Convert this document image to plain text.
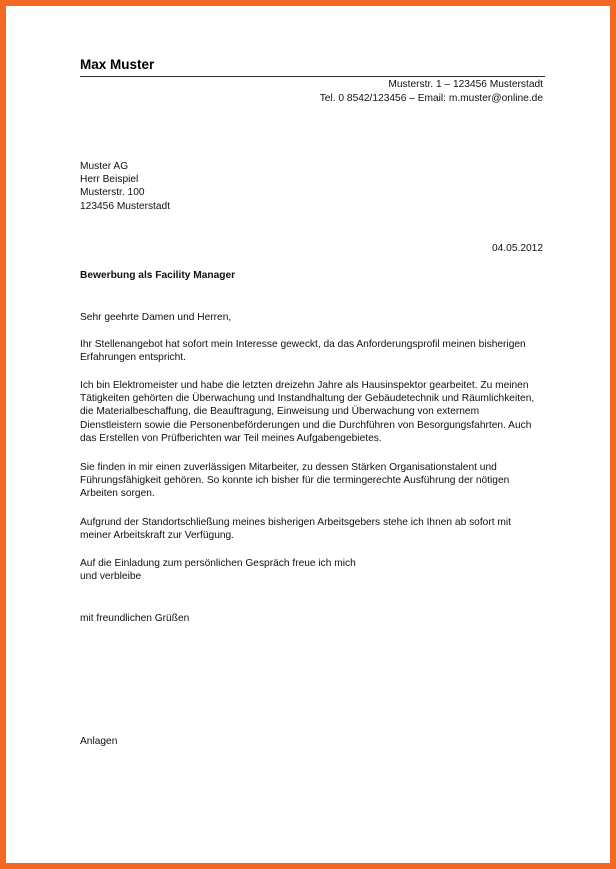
Max Muster
Musterstr. 1 – 123456 Musterstadt
Tel. 0 8542/123456 – Email: m.muster@online.de
Muster AG
Herr Beispiel
Musterstr. 100
123456 Musterstadt
04.05.2012
Bewerbung als Facility Manager
Sehr geehrte Damen und Herren,
Ihr Stellenangebot hat sofort mein Interesse geweckt, da das Anforderungsprofil meinen bisherigen
Erfahrungen entspricht.
Ich bin Elektromeister und habe die letzten dreizehn Jahre als Hausinspektor gearbeitet. Zu meinen
Tätigkeiten gehörten die Überwachung und Instandhaltung der Gebäudetechnik und Räumlichkeiten,
die Materialbeschaffung, die Beauftragung, Einweisung und Überwachung von externem
Dienstleistern sowie die Personenbeförderungen und die Durchführen von Besorgungsfahrten. Auch
das Erstellen von Prüfberichten war Teil meines Aufgabengebietes.
Sie finden in mir einen zuverlässigen Mitarbeiter, zu dessen Stärken Organisationstalent und
Führungsfähigkeit gehören. So konnte ich bisher für die termingerechte Ausführung der nötigen
Arbeiten sorgen.
Aufgrund der Standortschließung meines bisherigen Arbeitsgebers stehe ich Ihnen ab sofort mit
meiner Arbeitskraft zur Verfügung.
Auf die Einladung zum persönlichen Gespräch freue ich mich
und verbleibe
mit freundlichen Grüßen
Anlagen
